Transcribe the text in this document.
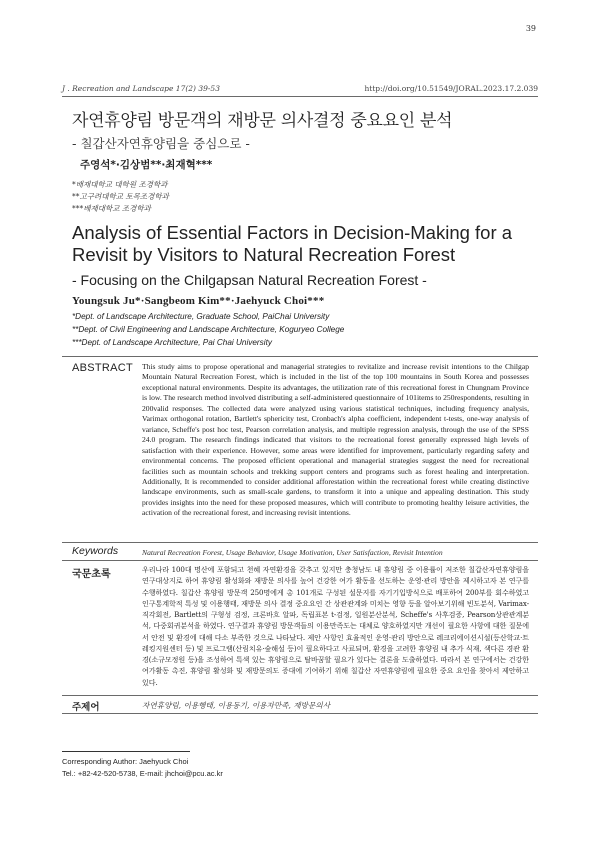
39
J . Recreation and Landscape 17(2) 39-53	http://doi.org/10.51549/JORAL.2023.17.2.039
자연휴양림 방문객의 재방문 의사결정 중요요인 분석
- 칠갑산자연휴양림을 중심으로 -
주영석*·김상범**·최재혁***
*배재대학교 대학원 조경학과
**고구려대학교 토목조경학과
***배재대학교 조경학과
Analysis of Essential Factors in Decision-Making for a Revisit by Visitors to Natural Recreation Forest
- Focusing on the Chilgapsan Natural Recreation Forest -
Youngsuk Ju*·Sangbeom Kim**·Jaehyuck Choi***
*Dept. of Landscape Architecture, Graduate School, PaiChai University
**Dept. of Civil Engineering and Landscape Architecture, Koguryeo College
***Dept. of Landscape Architecture, Pai Chai University
ABSTRACT This study aims to propose operational and managerial strategies to revitalize and increase revisit intentions to the Chilgap Mountain Natural Recreation Forest, which is included in the list of the top 100 mountains in South Korea and possesses exceptional natural environments. Despite its advantages, the utilization rate of this recreational forest in Chungnam Province is low. The research method involved distributing a self-administered questionnaire of 101items to 250respondents, resulting in 200valid responses. The collected data were analyzed using various statistical techniques, including frequency analysis, Varimax orthogonal rotation, Bartlett's sphericity test, Cronbach's alpha coefficient, independent t-tests, one-way analysis of variance, Scheffe's post hoc test, Pearson correlation analysis, and multiple regression analysis, through the use of the SPSS 24.0 program. The research findings indicated that visitors to the recreational forest generally expressed high levels of satisfaction with their experience. However, some areas were identified for improvement, particularly regarding safety and environmental concerns. The proposed efficient operational and managerial strategies suggest the need for recreational facilities such as mountain schools and trekking support centers and programs such as forest healing and interpretation. Additionally, It is recommended to consider additional afforestation within the recreational forest while creating distinctive landscape environments, such as small-scale gardens, to transform it into a unique and appealing destination. This study provides insights into the need for these proposed measures, which will contribute to promoting healthy leisure activities, the activation of the recreational forest, and increasing revisit intentions.
Keywords	Natural Recreation Forest, Usage Behavior, Usage Motivation, User Satisfaction, Revisit Intention
국문초록	우리나라 100대 명산에 포함되고 천혜 자연환경을 갖추고 있지만 충청남도 내 휴양림 중 이용률이 저조한 칠갑산자연휴양림을 연구대상지로 하여 휴양림 활성화와 재방문 의사를 높여 건강한 여가 활동을 선도하는 운영·관리 방안을 제시하고자 본 연구를 수행하였다. 칠갑산 휴양림 방문객 250명에게 총 101개로 구성된 설문지를 자기기입방식으로 배포하여 200부를 회수하였고 인구통계학적 특성 및 이용행태, 재방문 의사 결정 중요요인 간 상관관계와 미치는 영향 등을 알아보기위해 빈도분석, Varimax-직각회전, Bartlett의 구형성 검정, 크론바흐 알파, 독립표본 t-검정, 일원분산분석, Scheffe's 사후검증, Pearson상관관계분석, 다중회귀분석을 하였다. 연구결과 휴양림 방문객들의 이용만족도는 대체로 양호하였지만 개선이 필요한 사항에 대한 질문에서 안전 및 환경에 대해 다소 부족한 것으로 나타났다. 제안 사항인 효율적인 운영·관리 방안으로 레크리에이션시설(등산학교·트레킹지원센터 등) 및 프로그램(산림치유·숲해설 등)이 필요하다고 사료되며, 환경을 고려한 휴양림 내 추가 식재, 색다른 경관 환경(소규모정원 등)을 조성하여 특색 있는 휴양림으로 탈바꿈할 필요가 있다는 결론을 도출하였다. 따라서 본 연구에서는 건강한 여가활동 촉진, 휴양림 활성화 및 재방문의도 증대에 기여하기 위해 칠갑산 자연휴양림에 필요한 중요 요인을 찾아서 제안하고 있다.
주제어	자연휴양림, 이용행태, 이용동기, 이용자만족, 재방문의사
Corresponding Author: Jaehyuck Choi
Tel.: +82-42-520-5738, E-mail: jhchoi@pcu.ac.kr
